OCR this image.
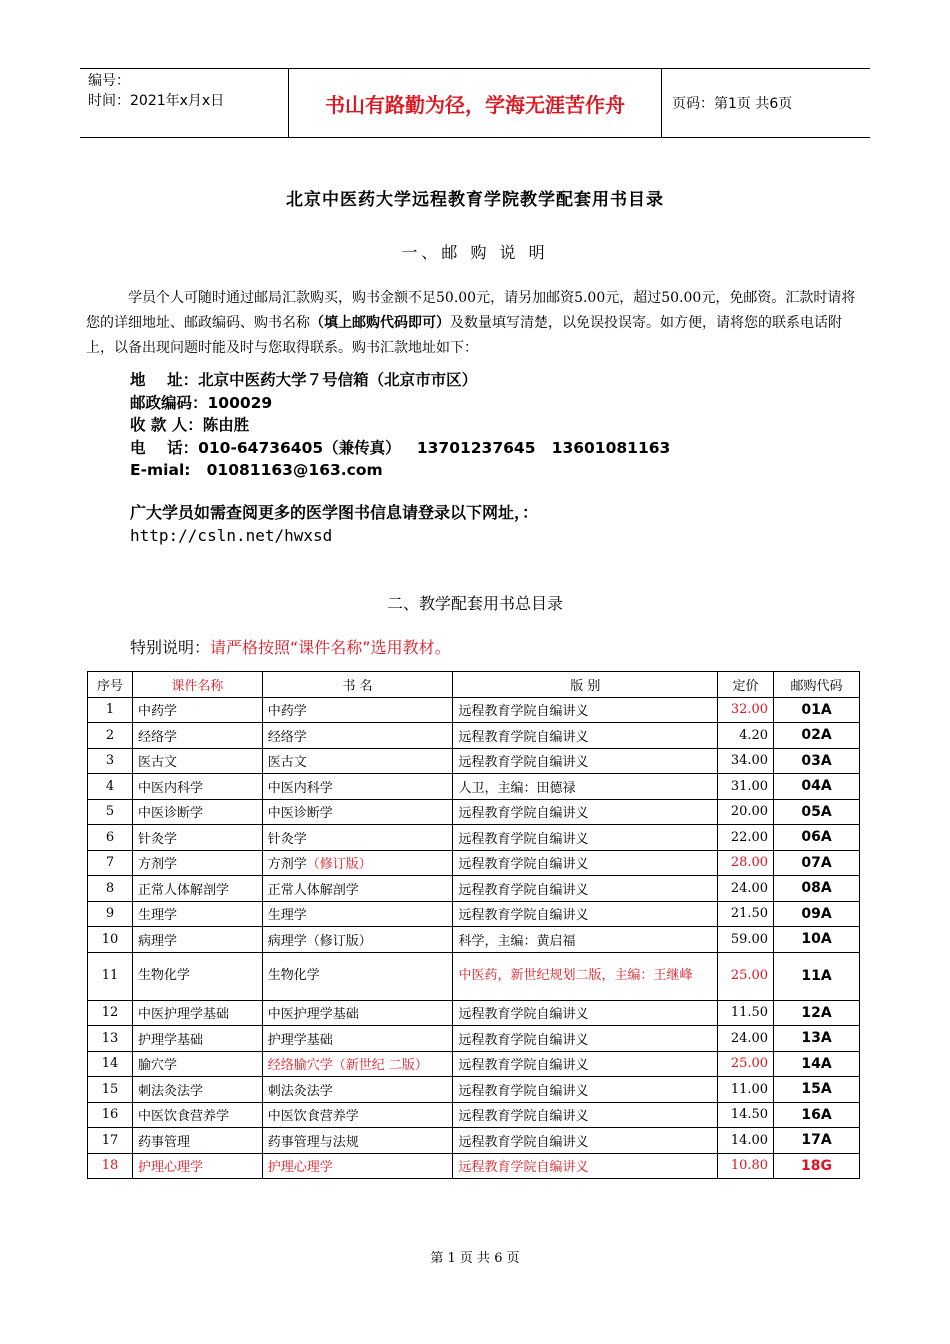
编号：
时间：2021年x月x日	书山有路勤为径，学海无涯苦作舟	页码：第1页 共6页
北京中医药大学远程教育学院教学配套用书目录
一、邮 购 说 明
学员个人可随时通过邮局汇款购买，购书金额不足50.00元，请另加邮资5.00元，超过50.00元，免邮资。汇款时请将您的详细地址、邮政编码、购书名称（填上邮购代码即可）及数量填写清楚，以免误投误寄。如方便，请将您的联系电话附上，以备出现问题时能及时与您取得联系。购书汇款地址如下：
地    址：北京中医药大学７号信箱（北京市市区）
邮政编码：100029
收 款 人：陈由胜
电    话：010-64736405（兼传真）   13701237645   13601081163
E-mial:   01081163@163.com
广大学员如需查阅更多的医学图书信息请登录以下网址，：
http://csln.net/hwxsd
二、教学配套用书总目录
特别说明：请严格按照“课件名称”选用教材。
序号	课件名称	书 名	版 别	定价	邮购代码
1	中药学	中药学	远程教育学院自编讲义	32.00	01A
2	经络学	经络学	远程教育学院自编讲义	4.20	02A
3	医古文	医古文	远程教育学院自编讲义	34.00	03A
4	中医内科学	中医内科学	人卫，主编：田德禄	31.00	04A
5	中医诊断学	中医诊断学	远程教育学院自编讲义	20.00	05A
6	针灸学	针灸学	远程教育学院自编讲义	22.00	06A
7	方剂学	方剂学（修订版）	远程教育学院自编讲义	28.00	07A
8	正常人体解剖学	正常人体解剖学	远程教育学院自编讲义	24.00	08A
9	生理学	生理学	远程教育学院自编讲义	21.50	09A
10	病理学	病理学（修订版）	科学，主编：黄启福	59.00	10A
11	生物化学	生物化学	中医药，新世纪规划二版，主编：王继峰	25.00	11A
12	中医护理学基础	中医护理学基础	远程教育学院自编讲义	11.50	12A
13	护理学基础	护理学基础	远程教育学院自编讲义	24.00	13A
14	腧穴学	经络腧穴学（新世纪 二版）	远程教育学院自编讲义	25.00	14A
15	刺法灸法学	刺法灸法学	远程教育学院自编讲义	11.00	15A
16	中医饮食营养学	中医饮食营养学	远程教育学院自编讲义	14.50	16A
17	药事管理	药事管理与法规	远程教育学院自编讲义	14.00	17A
18	护理心理学	护理心理学	远程教育学院自编讲义	10.80	18G
第 1 页 共 6 页
